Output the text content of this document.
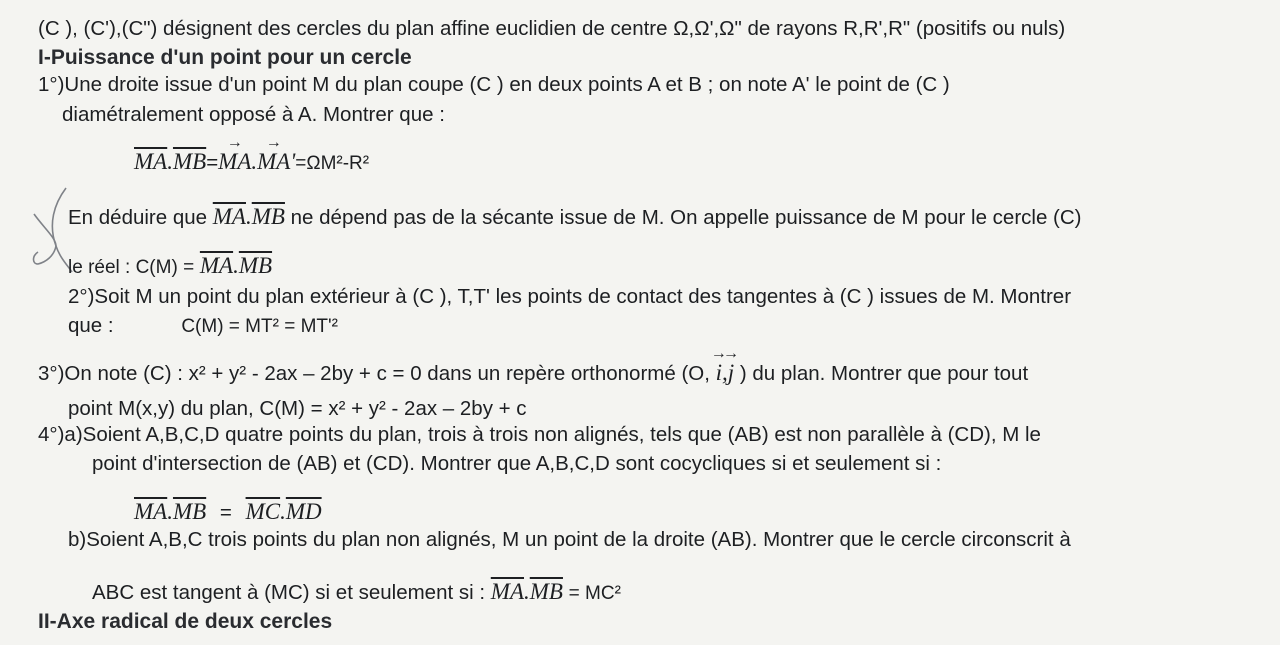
(C ), (C'),(C") désignent des cercles du plan affine euclidien de centre Ω,Ω',Ω" de rayons R,R',R" (positifs ou nuls)
I-Puissance d'un point pour un cercle
1°)Une droite issue d'un point M du plan coupe (C ) en deux points A et B ; on note A' le point de (C )
diamétralement opposé à A. Montrer que :
$\overline{MA}.\overline{MB}=\to MA.\to MA'=\Omega M^2-R^2$
En déduire que $\overline{MA}.\overline{MB}$ ne dépend pas de la sécante issue de M. On appelle puissance de M pour le cercle (C)
le réel : $C(M) = \overline{MA}.\overline{MB}$
2°)Soit M un point du plan extérieur à (C ), T,T' les points de contact des tangentes à (C ) issues de M. Montrer
que :	C(M) = MT² = MT'²
3°)On note (C) : x² + y² - 2ax – 2by + c = 0 dans un repère orthonormé (O, → i,→ j ) du plan. Montrer que pour tout
point M(x,y) du plan, C(M) = x² + y² - 2ax – 2by + c
4°)a)Soient A,B,C,D quatre points du plan, trois à trois non alignés, tels que (AB) est non parallèle à (CD), M le
point d'intersection de (AB) et (CD). Montrer que A,B,C,D sont cocycliques si et seulement si :
$\overline{MA}.\overline{MB} = \overline{MC}.\overline{MD}$
b)Soient A,B,C trois points du plan non alignés, M un point de la droite (AB). Montrer que le cercle circonscrit à
ABC est tangent à (MC) si et seulement si : $\overline{MA}.\overline{MB} = MC^2$
II-Axe radical de deux cercles
